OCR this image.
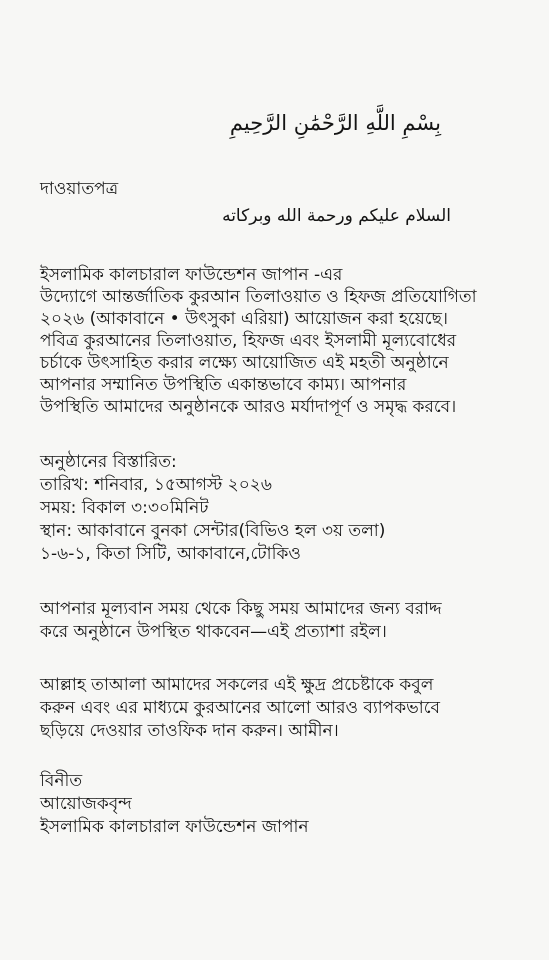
بِسْمِ اللَّهِ الرَّحْمَٰنِ الرَّحِيمِ
দাওয়াতপত্র
السلام عليكم ورحمة الله وبركاته
ইসলামিক কালচারাল ফাউন্ডেশন জাপান -এর
উদ্যোগে আন্তর্জাতিক কুরআন তিলাওয়াত ও হিফজ প্রতিযোগিতা
২০২৬ (আকাবানে • উৎসুকা এরিয়া) আয়োজন করা হয়েছে।
পবিত্র কুরআনের তিলাওয়াত, হিফজ এবং ইসলামী মূল্যবোধের
চর্চাকে উৎসাহিত করার লক্ষ্যে আয়োজিত এই মহতী অনুষ্ঠানে
আপনার সম্মানিত উপস্থিতি একান্তভাবে কাম্য। আপনার
উপস্থিতি আমাদের অনুষ্ঠানকে আরও মর্যাদাপূর্ণ ও সমৃদ্ধ করবে।
অনুষ্ঠানের বিস্তারিত:
তারিখ: শনিবার, ১৫আগস্ট ২০২৬
সময়: বিকাল ৩:৩০মিনিট
স্থান: আকাবানে বুনকা সেন্টার(বিভিও হল ৩য় তলা)
১-৬-১, কিতা সিটি, আকাবানে,টোকিও
আপনার মূল্যবান সময় থেকে কিছু সময় আমাদের জন্য বরাদ্দ
করে অনুষ্ঠানে উপস্থিত থাকবেন—এই প্রত্যাশা রইল।
আল্লাহ তাআলা আমাদের সকলের এই ক্ষুদ্র প্রচেষ্টাকে কবুল
করুন এবং এর মাধ্যমে কুরআনের আলো আরও ব্যাপকভাবে
ছড়িয়ে দেওয়ার তাওফিক দান করুন। আমীন।
বিনীত
আয়োজকবৃন্দ
ইসলামিক কালচারাল ফাউন্ডেশন জাপান
